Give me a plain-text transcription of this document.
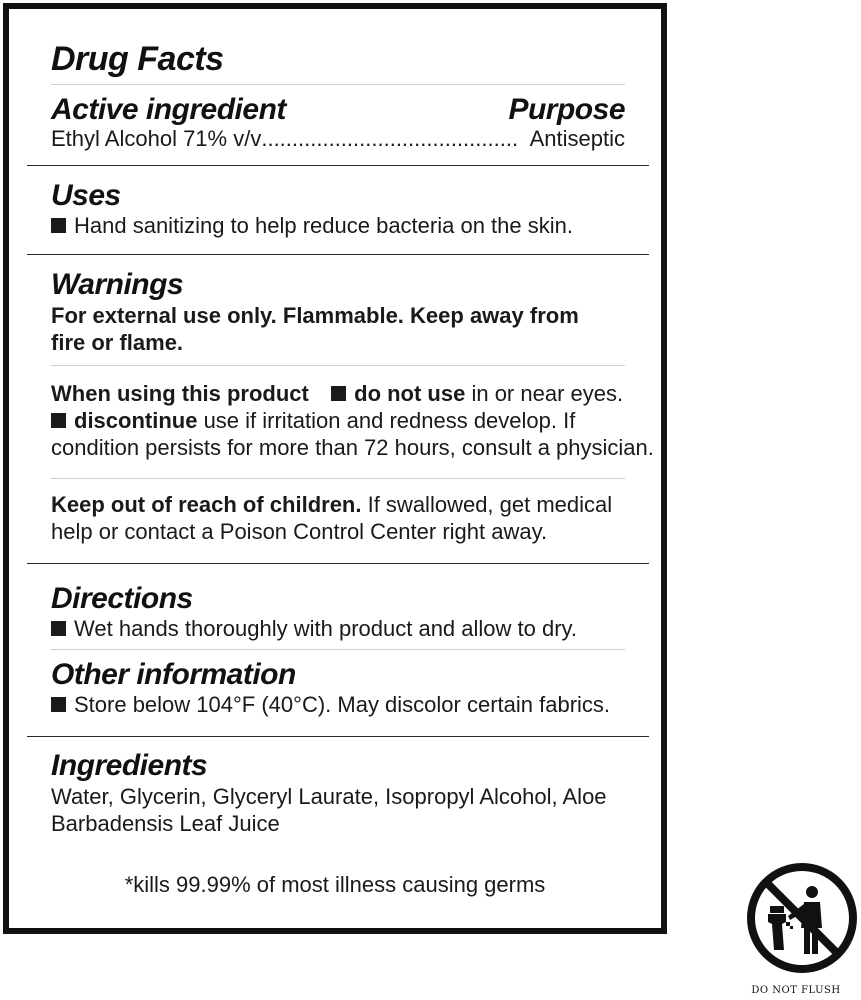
Drug Facts
Active ingredient	Purpose
Ethyl Alcohol 71% v/v .......................................... Antiseptic
Uses
Hand sanitizing to help reduce bacteria on the skin.
Warnings
For external use only. Flammable. Keep away from
fire or flame.
When using this product do not use in or near eyes.
discontinue use if irritation and redness develop. If
condition persists for more than 72 hours, consult a physician.
Keep out of reach of children. If swallowed, get medical
help or contact a Poison Control Center right away.
Directions
Wet hands thoroughly with product and allow to dry.
Other information
Store below 104°F (40°C). May discolor certain fabrics.
Ingredients
Water, Glycerin, Glyceryl Laurate, Isopropyl Alcohol, Aloe
Barbadensis Leaf Juice
*kills 99.99% of most illness causing germs
DO NOT FLUSH
